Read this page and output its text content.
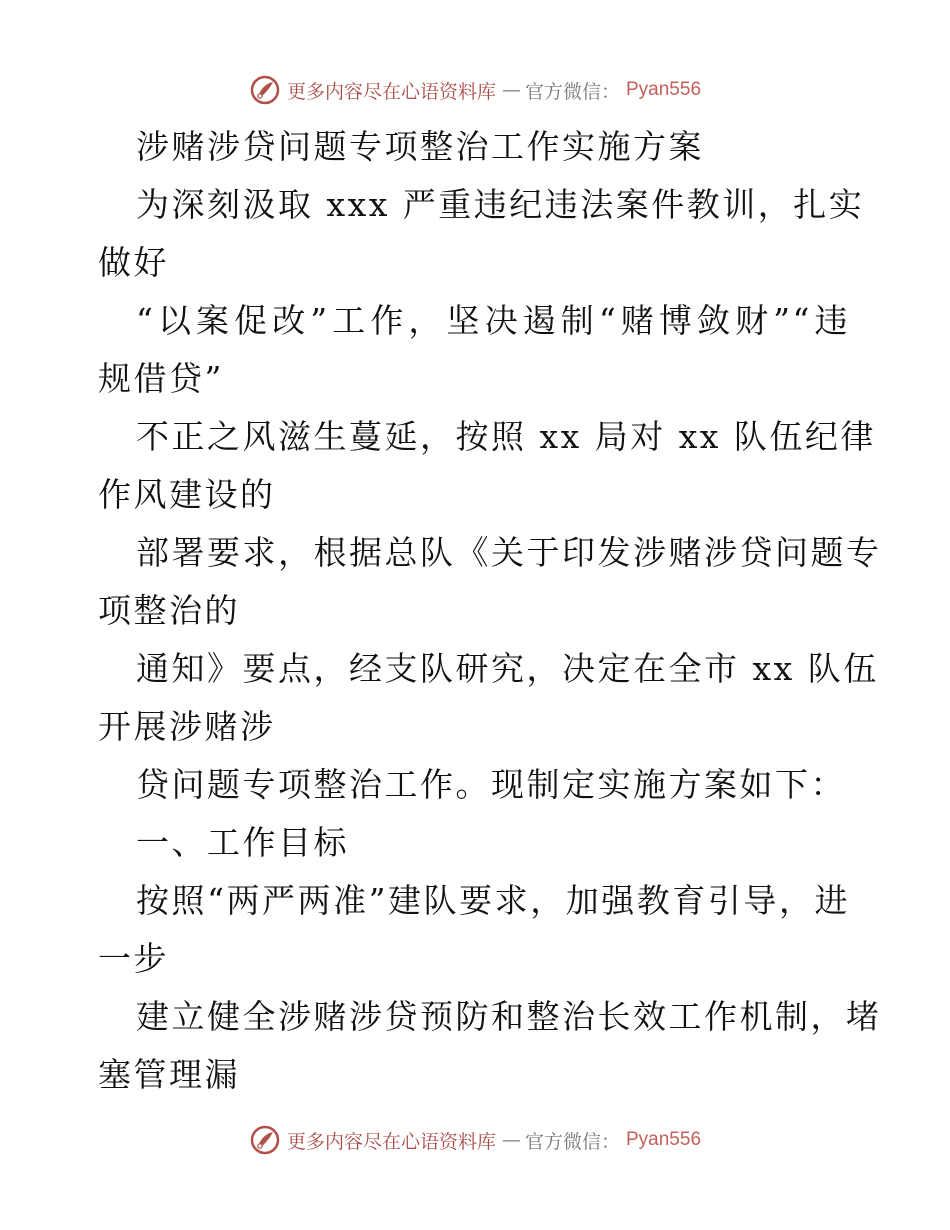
更多内容尽在心语资料库 — 官方微信： Pyan556
涉赌涉贷问题专项整治工作实施方案
为深刻汲取 xxx 严重违纪违法案件教训，扎实
做好
“以案促改”工作，坚决遏制“赌博敛财”“违
规借贷”
不正之风滋生蔓延，按照 xx 局对 xx 队伍纪律
作风建设的
部署要求，根据总队《关于印发涉赌涉贷问题专
项整治的
通知》要点，经支队研究，决定在全市 xx 队伍
开展涉赌涉
贷问题专项整治工作。现制定实施方案如下：
一、工作目标
按照“两严两准”建队要求，加强教育引导，进
一步
建立健全涉赌涉贷预防和整治长效工作机制，堵
塞管理漏
更多内容尽在心语资料库 — 官方微信： Pyan556
